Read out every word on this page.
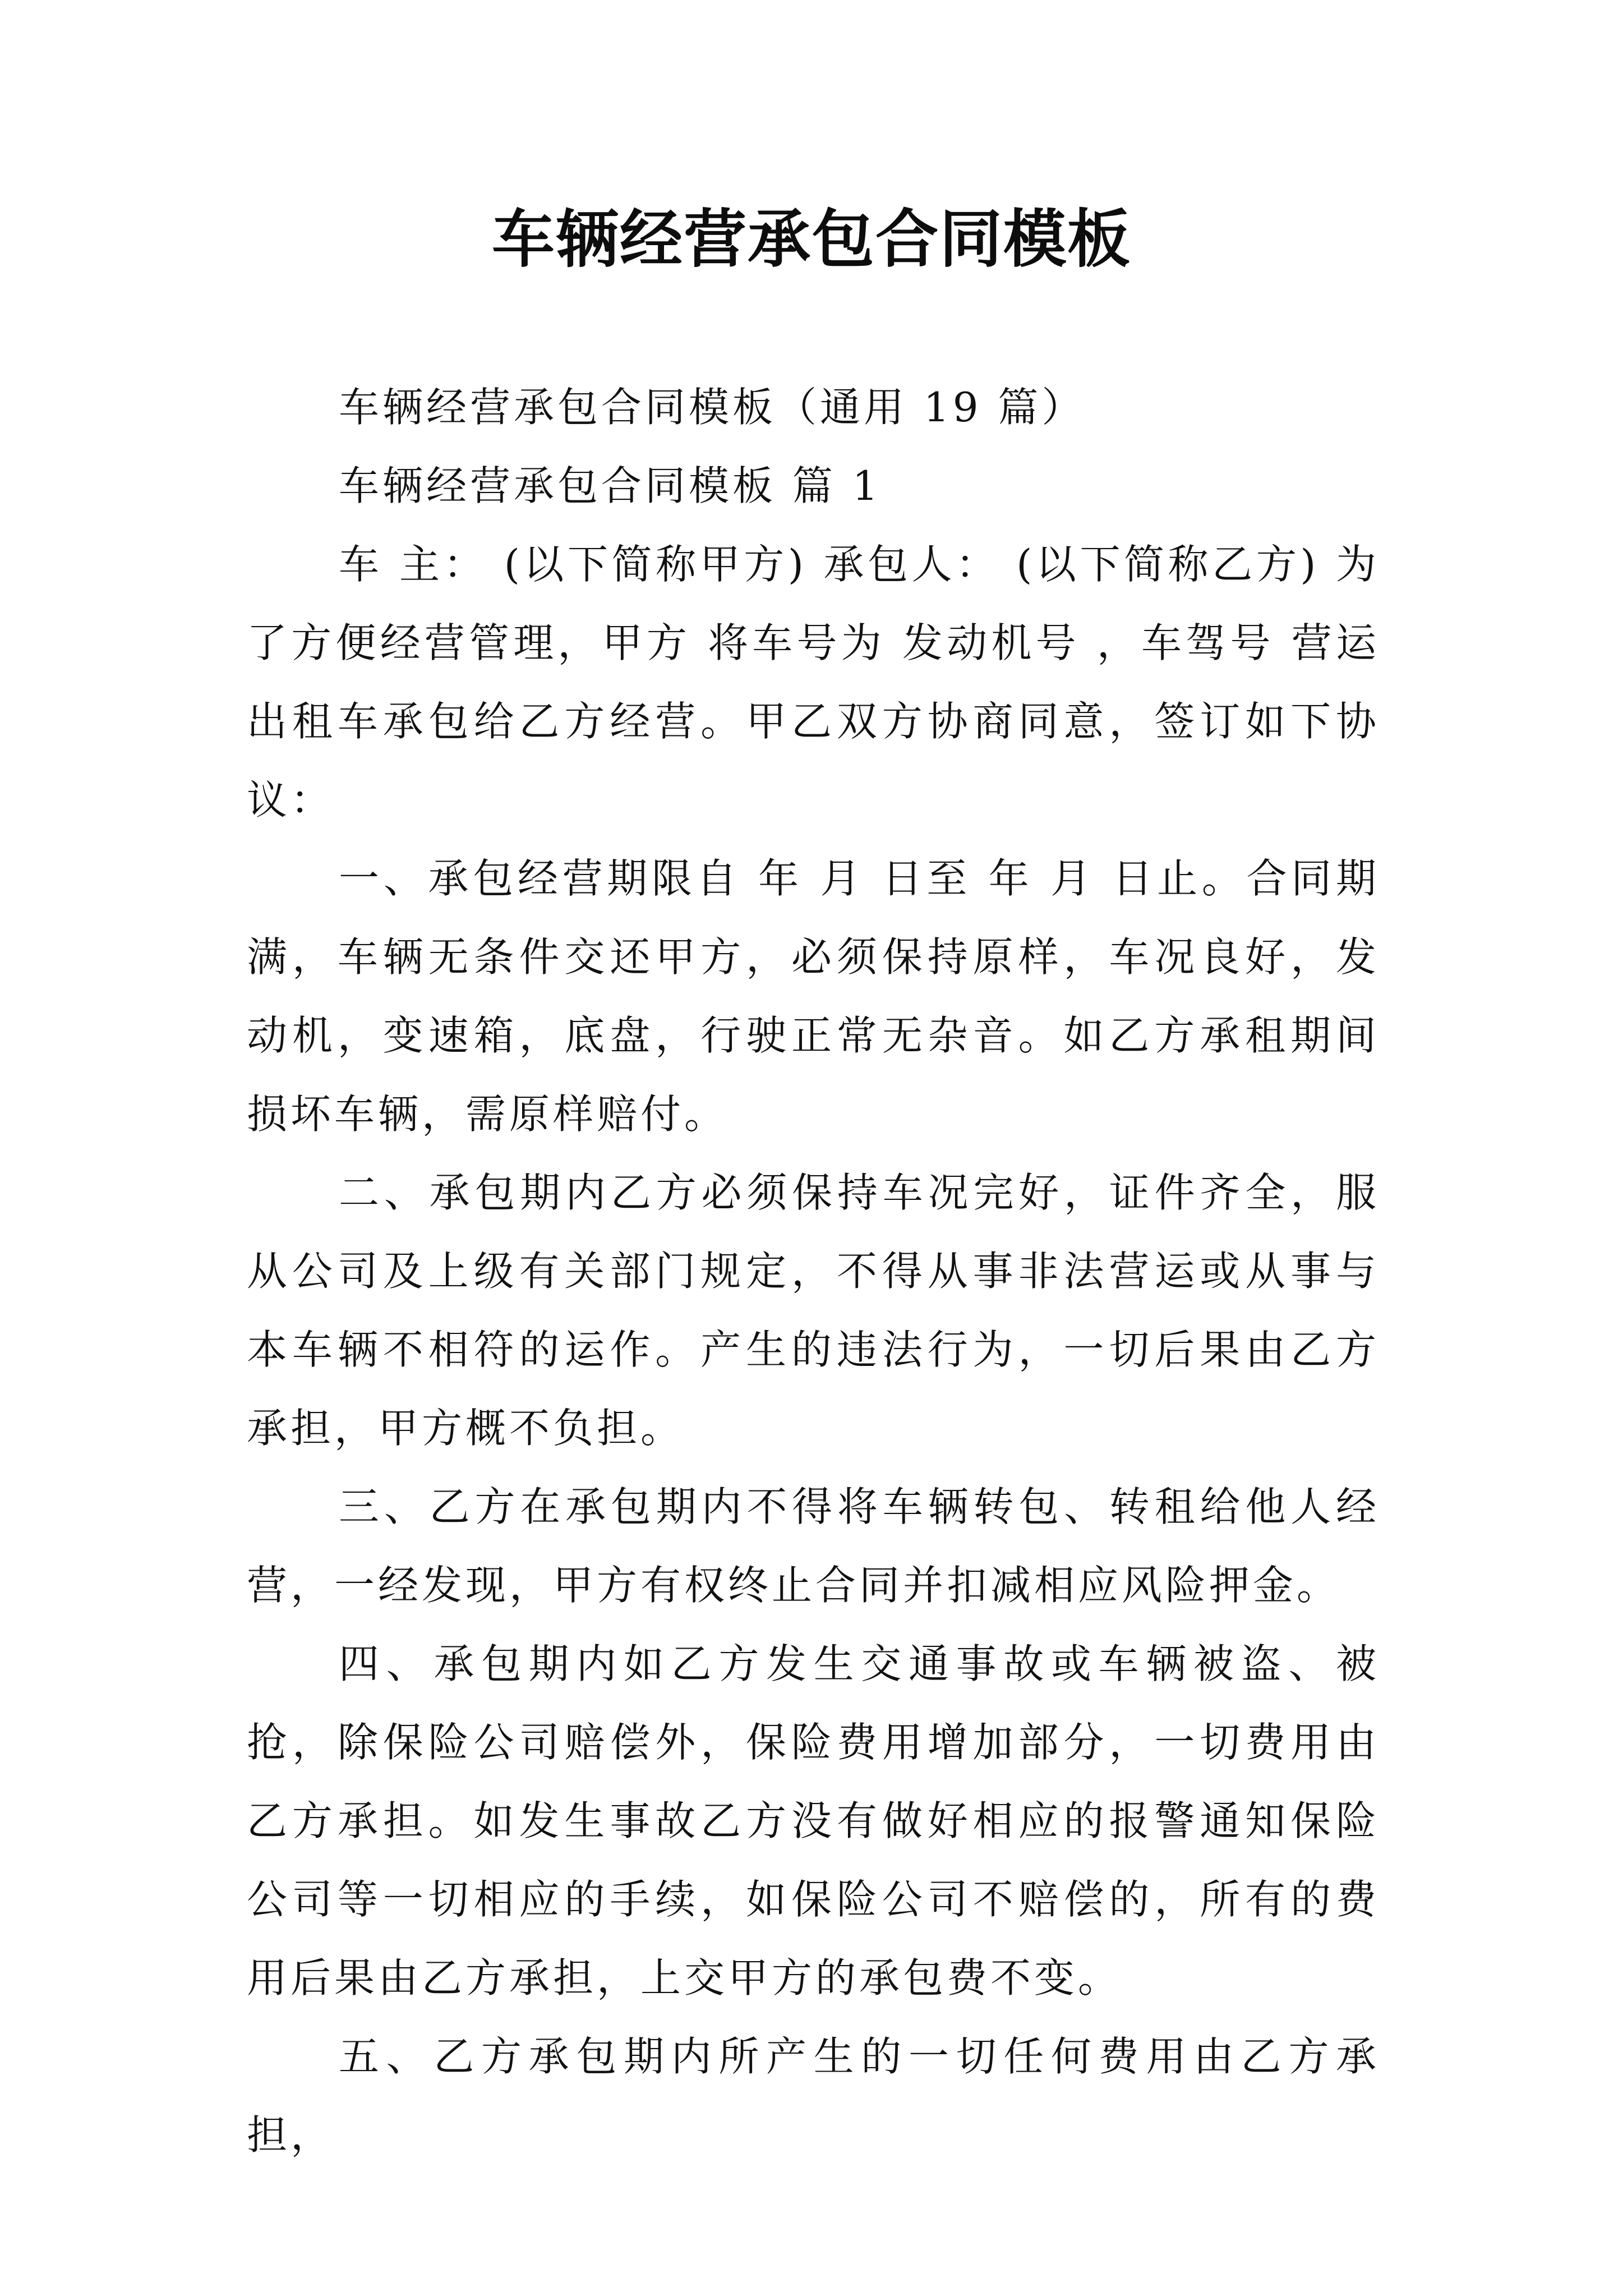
车辆经营承包合同模板

车辆经营承包合同模板（通用 19 篇）

车辆经营承包合同模板 篇 1

车 主： (以下简称甲方) 承包人： (以下简称乙方) 为了方便经营管理，甲方 将车号为 发动机号 ，车驾号 营运出租车承包给乙方经营。甲乙双方协商同意，签订如下协议：

一、承包经营期限自 年 月 日至 年 月 日止。合同期满，车辆无条件交还甲方，必须保持原样，车况良好，发动机，变速箱，底盘，行驶正常无杂音。如乙方承租期间损坏车辆，需原样赔付。

二、承包期内乙方必须保持车况完好，证件齐全，服从公司及上级有关部门规定，不得从事非法营运或从事与本车辆不相符的运作。产生的违法行为，一切后果由乙方承担，甲方概不负担。

三、乙方在承包期内不得将车辆转包、转租给他人经营，一经发现，甲方有权终止合同并扣减相应风险押金。

四、承包期内如乙方发生交通事故或车辆被盗、被抢，除保险公司赔偿外，保险费用增加部分，一切费用由乙方承担。如发生事故乙方没有做好相应的报警通知保险公司等一切相应的手续，如保险公司不赔偿的，所有的费用后果由乙方承担，上交甲方的承包费不变。

五、乙方承包期内所产生的一切任何费用由乙方承担，
